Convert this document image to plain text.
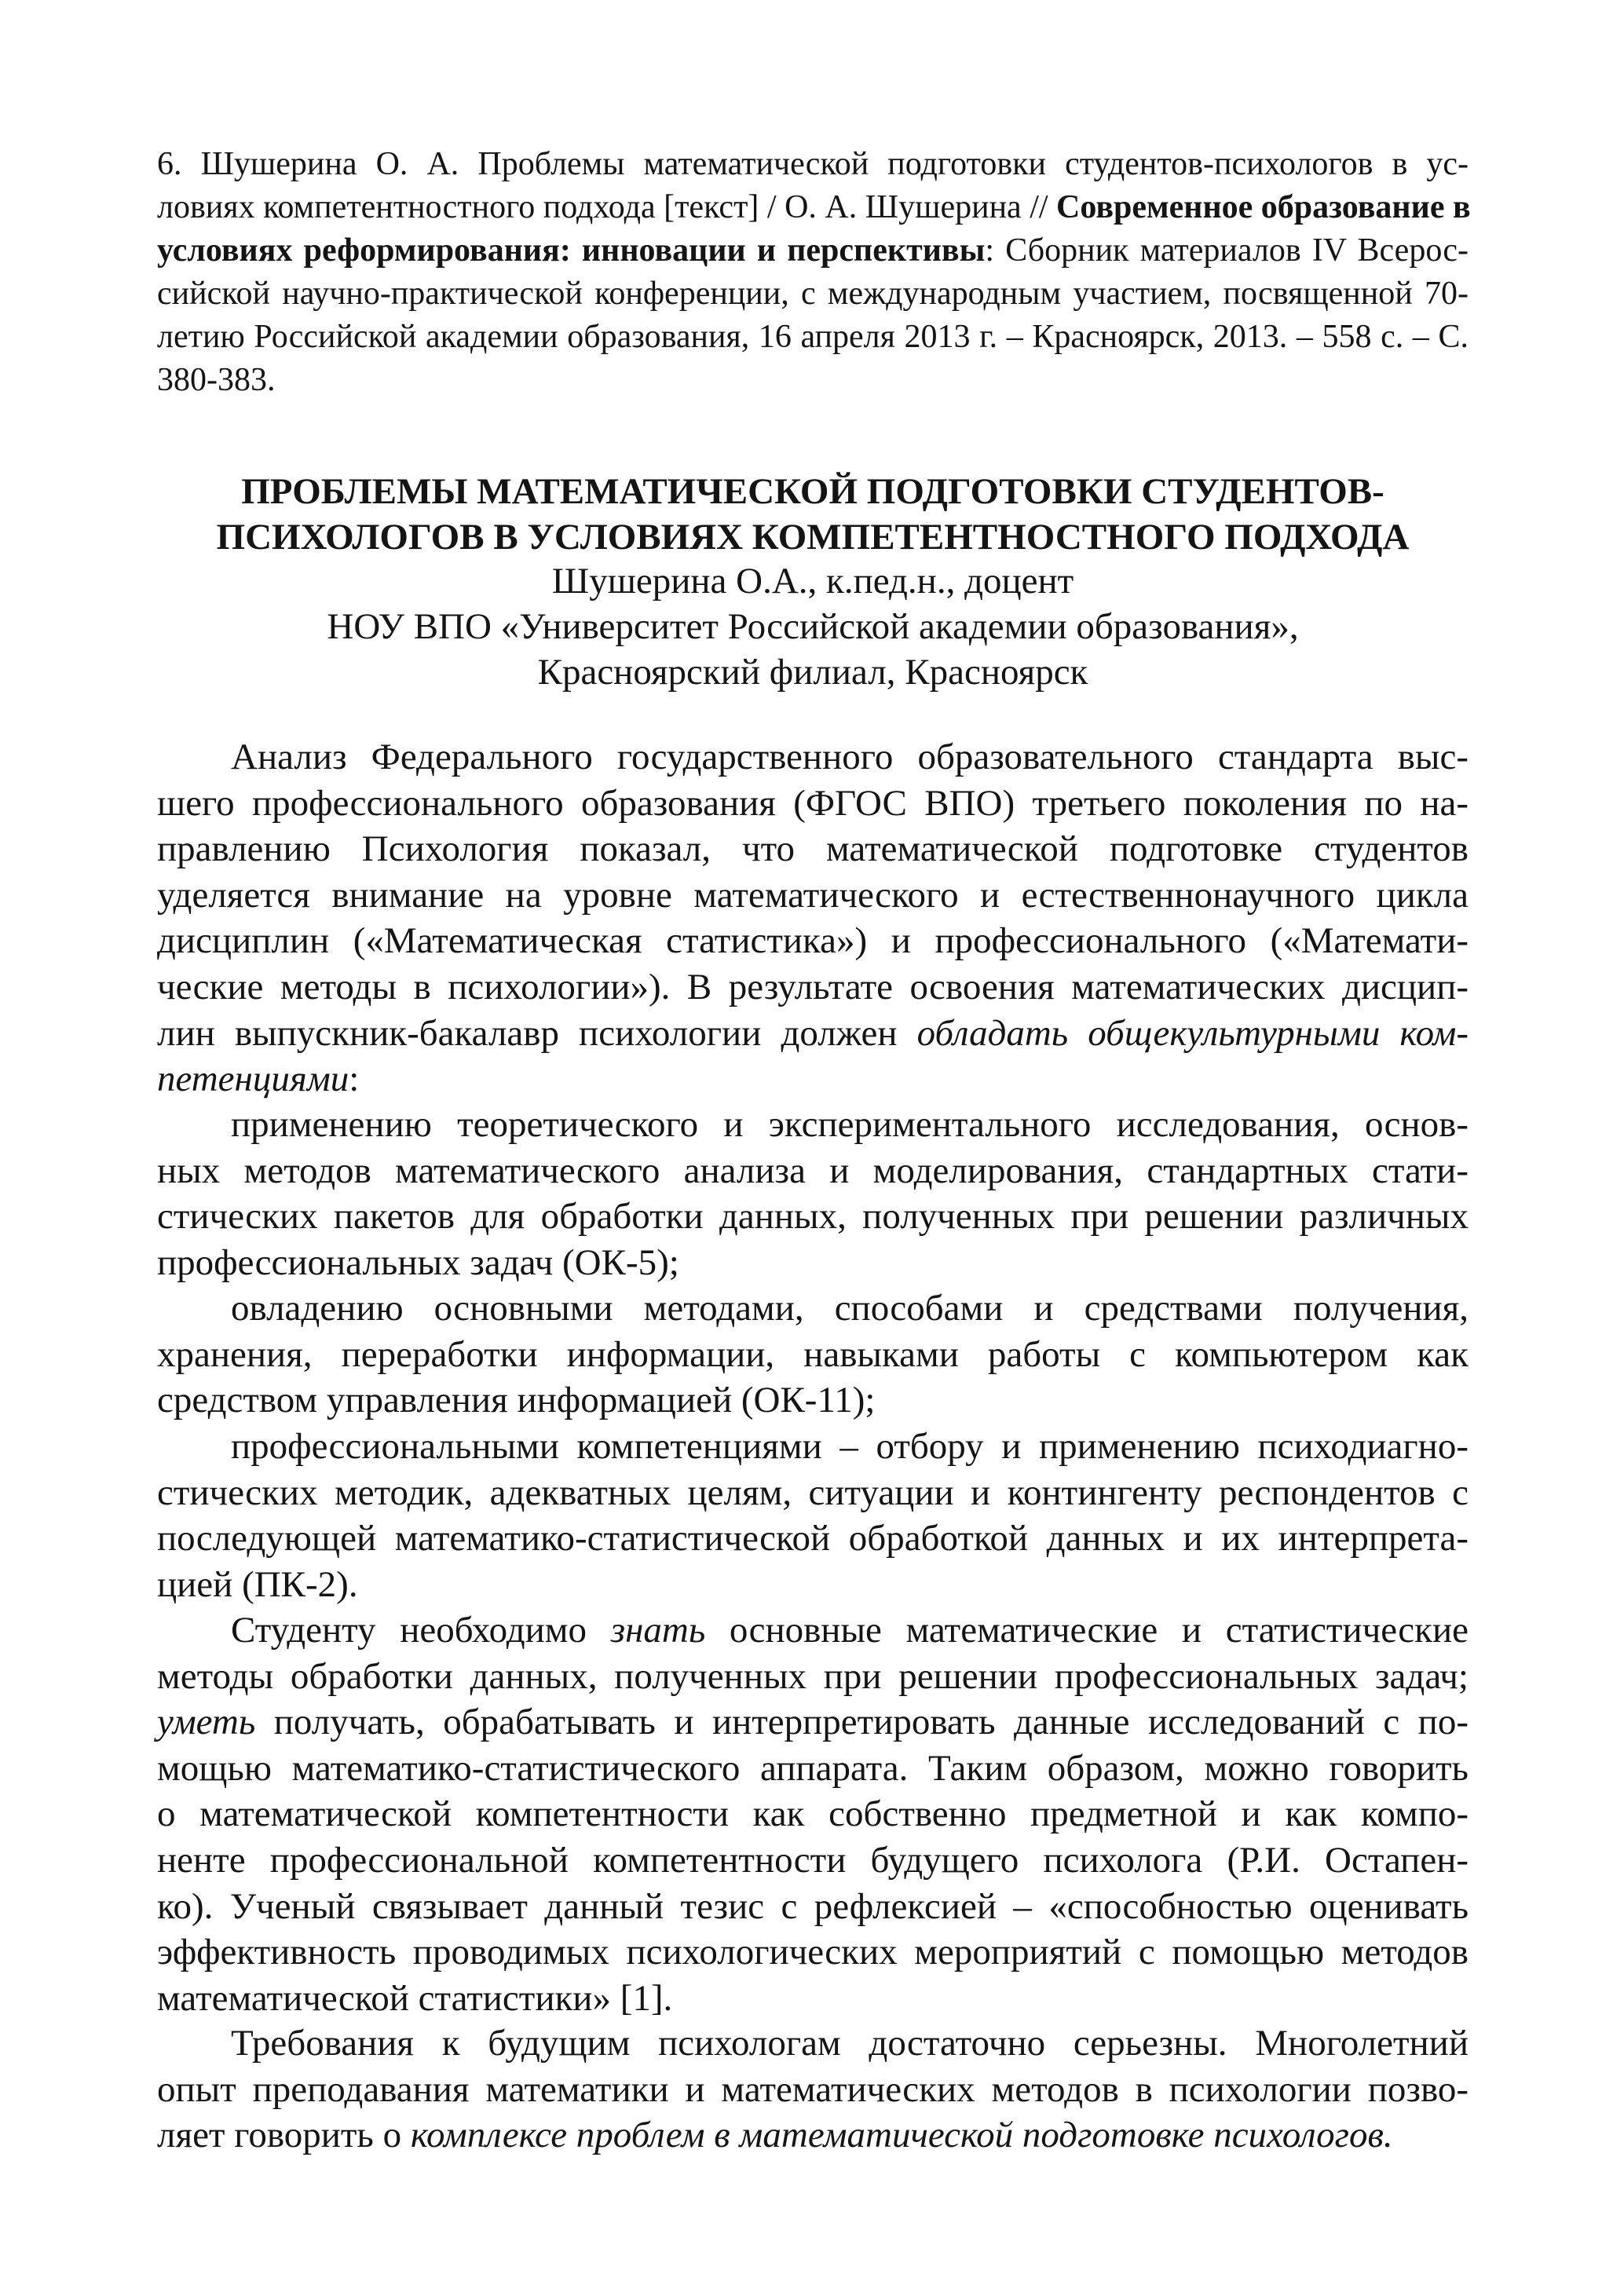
6. Шушерина О. А. Проблемы математической подготовки студентов-психологов в ус-
ловиях компетентностного подхода [текст] / О. А. Шушерина // Современное образование в
условиях реформирования: инновации и перспективы: Сборник материалов IV Всерос-
сийской научно-практической конференции, с международным участием, посвященной 70-
летию Российской академии образования, 16 апреля 2013 г. – Красноярск, 2013. – 558 с. – С.
380-383.

ПРОБЛЕМЫ МАТЕМАТИЧЕСКОЙ ПОДГОТОВКИ СТУДЕНТОВ-

ПСИХОЛОГОВ В УСЛОВИЯХ КОМПЕТЕНТНОСТНОГО ПОДХОДА

Шушерина О.А., к.пед.н., доцент

НОУ ВПО «Университет Российской академии образования»,

Красноярский филиал, Красноярск

Анализ Федерального государственного образовательного стандарта выс-
шего профессионального образования (ФГОС ВПО) третьего поколения по на-
правлению Психология показал, что математической подготовке студентов
уделяется внимание на уровне математического и естественнонаучного цикла
дисциплин («Математическая статистика») и профессионального («Математи-
ческие методы в психологии»). В результате освоения математических дисцип-
лин выпускник-бакалавр психологии должен обладать общекультурными ком-
петенциями:
применению теоретического и экспериментального исследования, основ-
ных методов математического анализа и моделирования, стандартных стати-
стических пакетов для обработки данных, полученных при решении различных
профессиональных задач (ОК-5);
овладению основными методами, способами и средствами получения,
хранения, переработки информации, навыками работы с компьютером как
средством управления информацией (ОК-11);
профессиональными компетенциями – отбору и применению психодиагно-
стических методик, адекватных целям, ситуации и контингенту респондентов с
последующей математико-статистической обработкой данных и их интерпрета-
цией (ПК-2).
Студенту необходимо знать основные математические и статистические
методы обработки данных, полученных при решении профессиональных задач;
уметь получать, обрабатывать и интерпретировать данные исследований с по-
мощью математико-статистического аппарата. Таким образом, можно говорить
о математической компетентности как собственно предметной и как компо-
ненте профессиональной компетентности будущего психолога (Р.И. Остапен-
ко). Ученый связывает данный тезис с рефлексией – «способностью оценивать
эффективность проводимых психологических мероприятий с помощью методов
математической статистики» [1].
Требования к будущим психологам достаточно серьезны. Многолетний
опыт преподавания математики и математических методов в психологии позво-
ляет говорить о комплексе проблем в математической подготовке психологов.
